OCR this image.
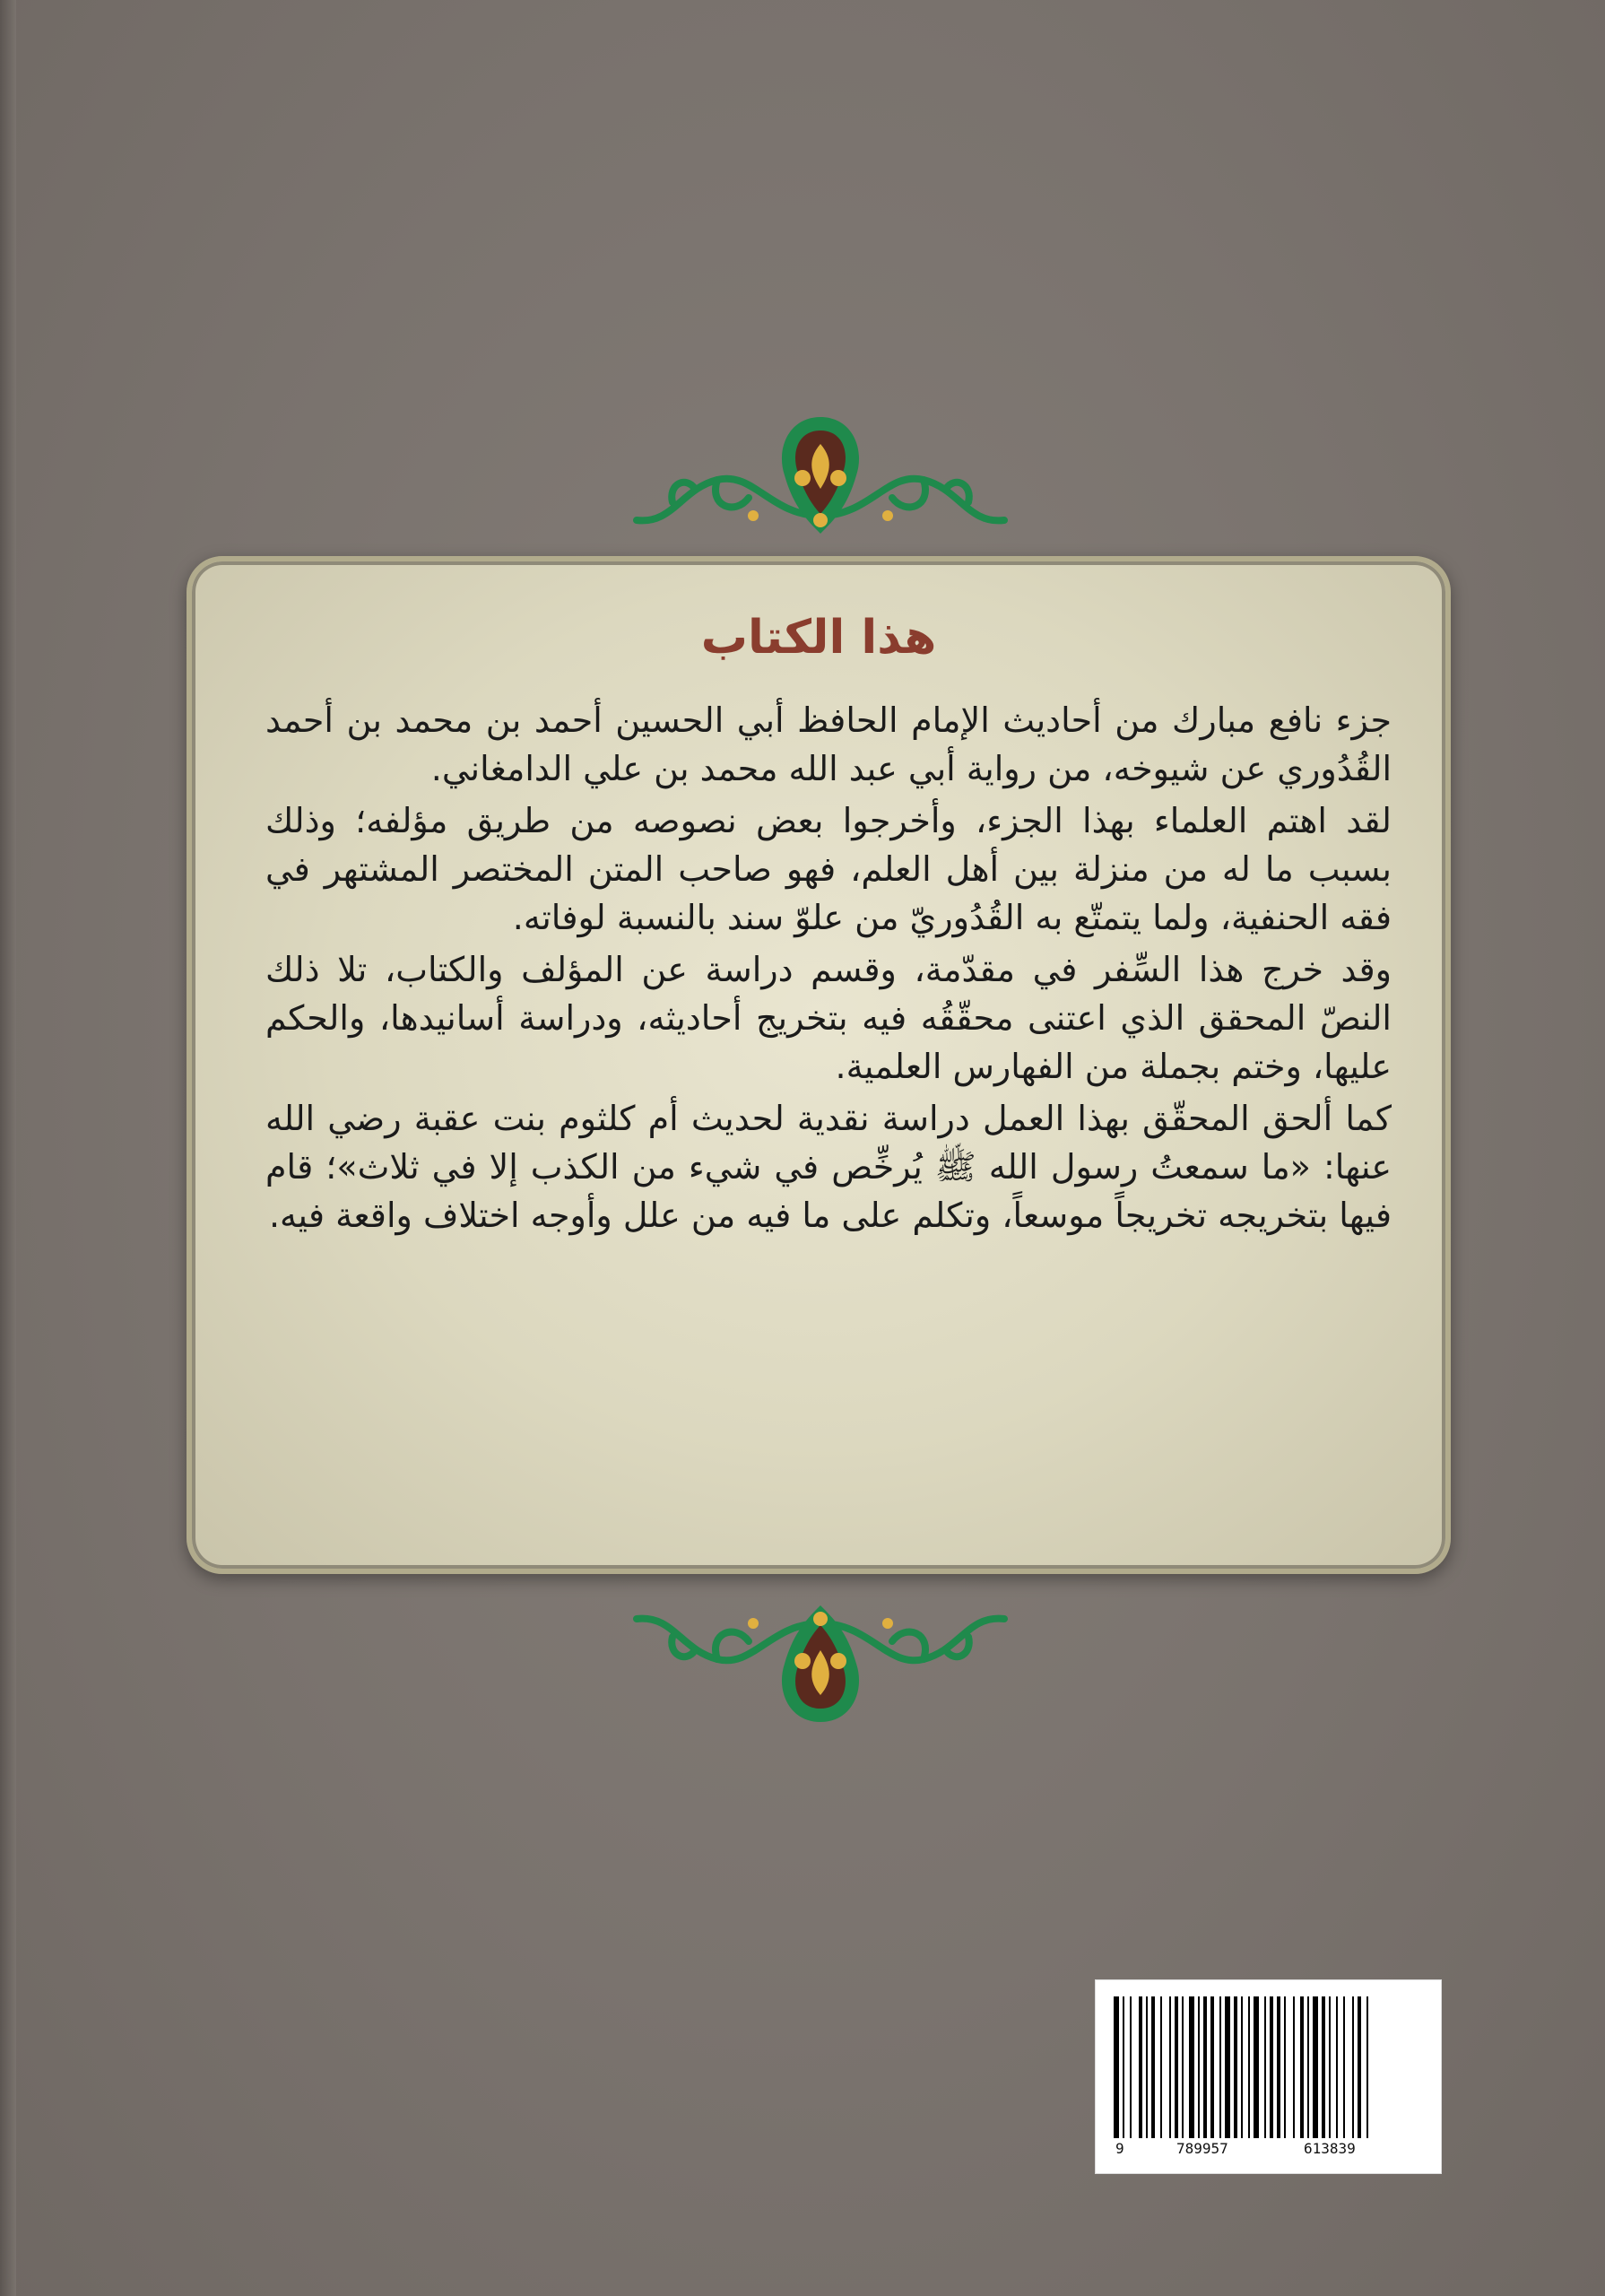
هذا الكتاب

جزء نافع مبارك من أحاديث الإمام الحافظ أبي الحسين أحمد بن محمد بن أحمد القُدُوري عن شيوخه، من رواية أبي عبد الله محمد بن علي الدامغاني.

لقد اهتم العلماء بهذا الجزء، وأخرجوا بعض نصوصه من طريق مؤلفه؛ وذلك بسبب ما له من منزلة بين أهل العلم، فهو صاحب المتن المختصر المشتهر في فقه الحنفية، ولما يتمتّع به القُدُوريّ من علوّ سند بالنسبة لوفاته.

وقد خرج هذا السِّفر في مقدّمة، وقسم دراسة عن المؤلف والكتاب، تلا ذلك النصّ المحقق الذي اعتنى محقّقُه فيه بتخريج أحاديثه، ودراسة أسانيدها، والحكم عليها، وختم بجملة من الفهارس العلمية.

كما ألحق المحقّق بهذا العمل دراسة نقدية لحديث أم كلثوم بنت عقبة رضي الله عنها: «ما سمعتُ رسول الله ﷺ يُرخِّص في شيء من الكذب إلا في ثلاث»؛ قام فيها بتخريجه تخريجاً موسعاً، وتكلم على ما فيه من علل وأوجه اختلاف واقعة فيه.

9	789957	613839
